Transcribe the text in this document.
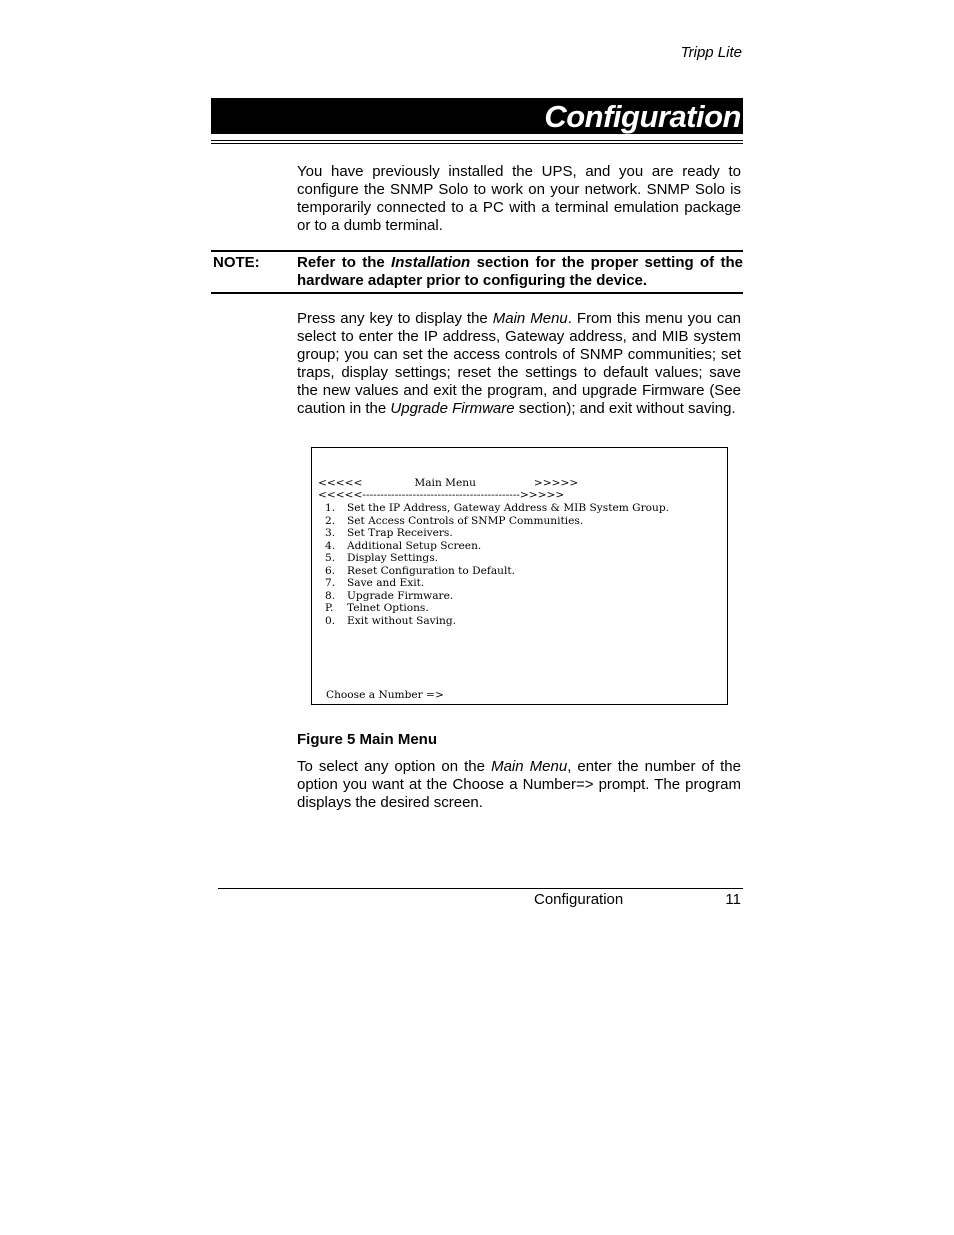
Tripp Lite
Configuration
You have previously installed the UPS, and you are ready to configure the SNMP Solo to work on your network. SNMP Solo is temporarily connected to a PC with a terminal emulation package or to a dumb terminal.
NOTE: Refer to the Installation section for the proper setting of the hardware adapter prior to configuring the device.
Press any key to display the Main Menu. From this menu you can select to enter the IP address, Gateway address, and MIB system group; you can set the access controls of SNMP communities; set traps, display settings; reset the settings to default values; save the new values and exit the program, and upgrade Firmware (See caution in the Upgrade Firmware section); and exit without saving.
<<<<<	Main Menu	>>>>>
<<<<<-------------------------------------------->>>>>
1.	Set the IP Address, Gateway Address & MIB System Group.
2.	Set Access Controls of SNMP Communities.
3.	Set Trap Receivers.
4.	Additional Setup Screen.
5.	Display Settings.
6.	Reset Configuration to Default.
7.	Save and Exit.
8.	Upgrade Firmware.
P.	Telnet Options.
0.	Exit without Saving.
Choose a Number =>
Figure 5 Main Menu
To select any option on the Main Menu, enter the number of the option you want at the Choose a Number=> prompt. The program displays the desired screen.
Configuration	11
